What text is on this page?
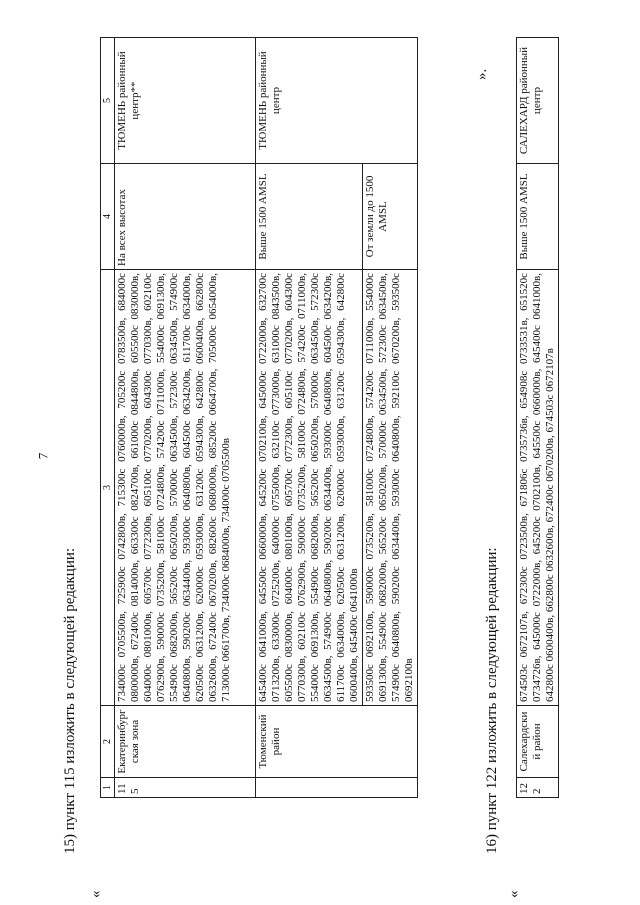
7
«
15) пункт 115 изложить в следующей редакции: 1	2	3	4	5
115	Екатеринбургская зона	734000с 0705500в, 725900с 0742800в, 715300с 0760000в, 705200с 0783500в, 684000с 0800000в, 672400с 0814000в, 663300с 0824700в, 661000с 0844800в, 605500с 0830000в, 604000с 0801000в, 605700с 0772300в, 605100с 0770200в, 604300с 0770300в, 602100с 0762900в, 590000с 0735200в, 581000с 0724800в, 574200с 0711000в, 554000с 0691300в, 554900с 0682000в, 565200с 0650200в, 570000с 0634500в, 572300с 0634500в, 574900с 0640800в, 590200с 0634400в, 593000с 0640800в, 604500с 0634200в, 611700с 0634000в, 620500с 0631200в, 620000с 0593000в, 631200с 0594300в, 642800с 0600400в, 662800с 0632600в, 672400с 0670200в, 682600с 0680000в, 685200с 0664700в, 705000с 0654000в, 713000с 0661700в, 734000с 0684000в, 734000с 0705500в	На всех высотах	ТЮМЕНЬ районный центр**
	Тюменский район	645400с 0641000в, 645500с 0660000в, 645200с 0702100в, 645000с 0722000в, 632700с 0713200в, 633000с 0725200в, 640000с 0755000в, 632100с 0773000в, 631000с 0843500в, 605500с 0830000в, 604000с 0801000в, 605700с 0772300в, 605100с 0770200в, 604300с 0770300в, 602100с 0762900в, 590000с 0735200в, 581000с 0724800в, 574200с 0711000в, 554000с 0691300в, 554900с 0682000в, 565200с 0650200в, 570000с 0634500в, 572300с 0634500в, 574900с 0640800в, 590200с 0634400в, 593000с 0640800в, 604500с 0634200в, 611700с 0634000в, 620500с 0631200в, 620000с 0593000в, 631200с 0594300в, 642800с 0600400в, 645400с 0641000в	Выше 1500 AMSL	ТЮМЕНЬ районный центр
		593500с 0692100в, 590000с 0735200в, 581000с 0724800в, 574200с 0711000в, 554000с 0691300в, 554900с 0682000в, 565200с 0650200в, 570000с 0634500в, 572300с 0634500в, 574900с 0640800в, 590200с 0634400в, 593000с 0640800в, 592100с 0670200в, 593500с 0692100в	От земли до 1500 AMSL	
».
16) пункт 122 изложить в следующей редакции:
«
122	Салехардский район	674503с 0672107в, 672300с 0723500в, 671806с 0735736в, 654908с 0733531в, 651520с 0734726в, 645000с 0722000в, 645200с 0702100в, 645500с 0660000в, 645400с 0641000в, 642800с 0600400в, 662800с 0632600в, 672400с 0670200в, 674503с 0672107в	Выше 1500 AMSL	САЛЕХАРД районный центр
